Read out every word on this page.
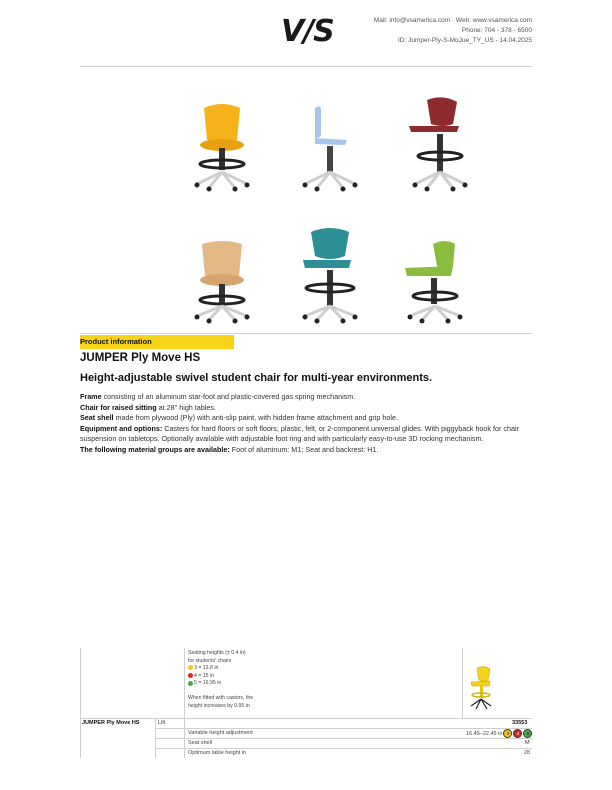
V/S	Mail: info@vsamerica.com · Web: www.vsamerica.com
Phone: 704 - 378 - 6500
ID: Jumper-Ply-S-MoJue_TY_US - 14.04.2025
Product information
JUMPER Ply Move HS
Height-adjustable swivel student chair for multi-year environments.
Frame consisting of an aluminum star-foot and plastic-covered gas spring mechanism.
Chair for raised sitting at 28" high tables.
Seat shell made from plywood (Ply) with anti-slip paint, with hidden frame attachment and grip hole.
Equipment and options: Casters for hard floors or soft floors; plastic, felt, or 2-component universal glides. With piggyback hook for chair suspension on tabletops. Optionally available with adjustable foot ring and with particularly easy-to-use 3D rocking mechanism.
The following material groups are available: Foot of aluminum: M1; Seat and backrest: H1.
Seating heights (± 0.4 in)
for students' chairs
3 = 13.8 in
4 = 15 in
5 = 16.95 in
When fitted with castors, the
height increases by 0.95 in
JUMPER Ply Move HS	Lift	33553
Variable height adjustment	16.45–22.45 in 3 4 5
Seat shell	M
Optimum table height in	28
